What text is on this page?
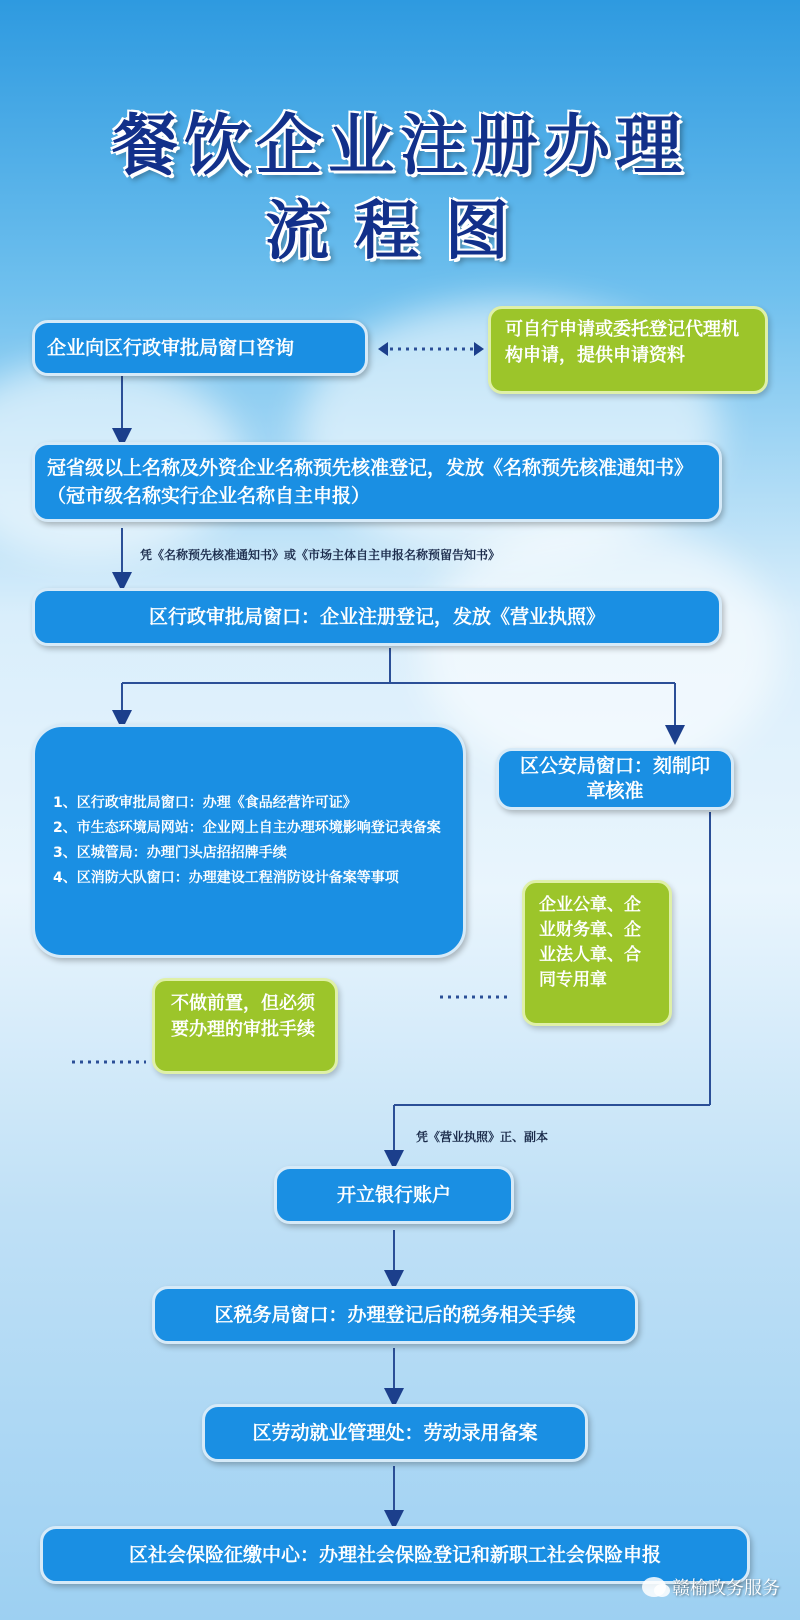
餐饮企业注册办理
流程图
企业向区行政审批局窗口咨询
可自行申请或委托登记代理机构申请，提供申请资料
冠省级以上名称及外资企业名称预先核准登记，发放《名称预先核准通知书》（冠市级名称实行企业名称自主申报）
凭《名称预先核准通知书》或《市场主体自主申报名称预留告知书》
区行政审批局窗口：企业注册登记，发放《营业执照》
1、区行政审批局窗口：办理《食品经营许可证》
2、市生态环境局网站：企业网上自主办理环境影响登记表备案
3、区城管局：办理门头店招招牌手续
4、区消防大队窗口：办理建设工程消防设计备案等事项
区公安局窗口：刻制印章核准
企业公章、企业财务章、企业法人章、合同专用章
不做前置，但必须要办理的审批手续
凭《营业执照》正、副本
开立银行账户
区税务局窗口：办理登记后的税务相关手续
区劳动就业管理处：劳动录用备案
区社会保险征缴中心：办理社会保险登记和新职工社会保险申报
赣榆政务服务
